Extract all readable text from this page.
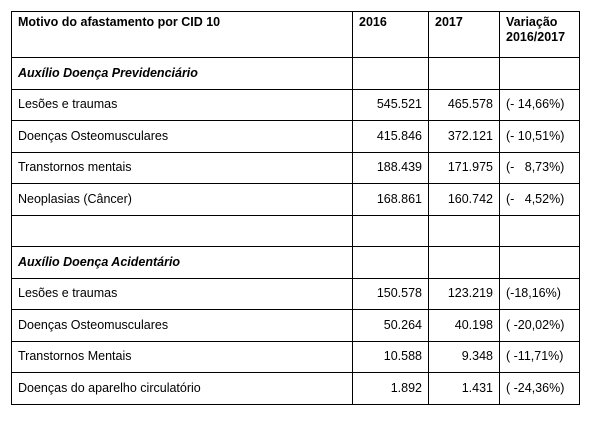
Motivo do afastamento por CID 10	2016	2017	Variação
2016/2017
Auxílio Doença Previdenciário			
Lesões e traumas	545.521	465.578	(- 14,66%)
Doenças Osteomusculares	415.846	372.121	(- 10,51%)
Transtornos mentais	188.439	171.975	(-   8,73%)
Neoplasias (Câncer)	168.861	160.742	(-   4,52%)

Auxílio Doença Acidentário			
Lesões e traumas	150.578	123.219	(-18,16%)
Doenças Osteomusculares	50.264	40.198	( -20,02%)
Transtornos Mentais	10.588	9.348	( -11,71%)
Doenças do aparelho circulatório	1.892	1.431	( -24,36%)
